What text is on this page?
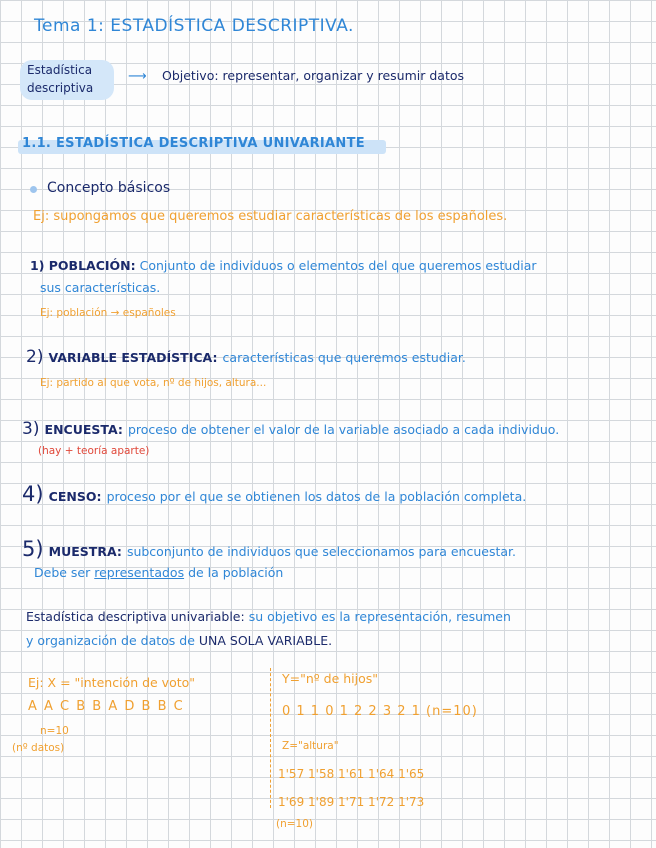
Tema 1: ESTADÍSTICA DESCRIPTIVA.
Estadística
descriptiva
⟶ Objetivo: representar, organizar y resumir datos
1.1. ESTADÍSTICA DESCRIPTIVA UNIVARIANTE
Concepto básicos
Ej: supongamos que queremos estudiar características de los españoles.
1) POBLACIÓN: Conjunto de individuos o elementos del que queremos estudiar
sus características.
Ej: población → españoles
2) VARIABLE ESTADÍSTICA: características que queremos estudiar.
Ej: partido al que vota, nº de hijos, altura...
3) ENCUESTA: proceso de obtener el valor de la variable asociado a cada individuo.
(hay + teoría aparte)
4) CENSO: proceso por el que se obtienen los datos de la población completa.
5) MUESTRA: subconjunto de individuos que seleccionamos para encuestar.
Debe ser representados de la población
Estadística descriptiva univariable: su objetivo es la representación, resumen
y organización de datos de UNA SOLA VARIABLE.
Ej: X = "intención de voto"
A A C B B A D B B C
n=10
(nº datos)
Y="nº de hijos"
0 1 1 0 1 2 2 3 2 1 (n=10)
Z="altura"
1'57 1'58 1'61 1'64 1'65
1'69 1'89 1'71 1'72 1'73
(n=10)
